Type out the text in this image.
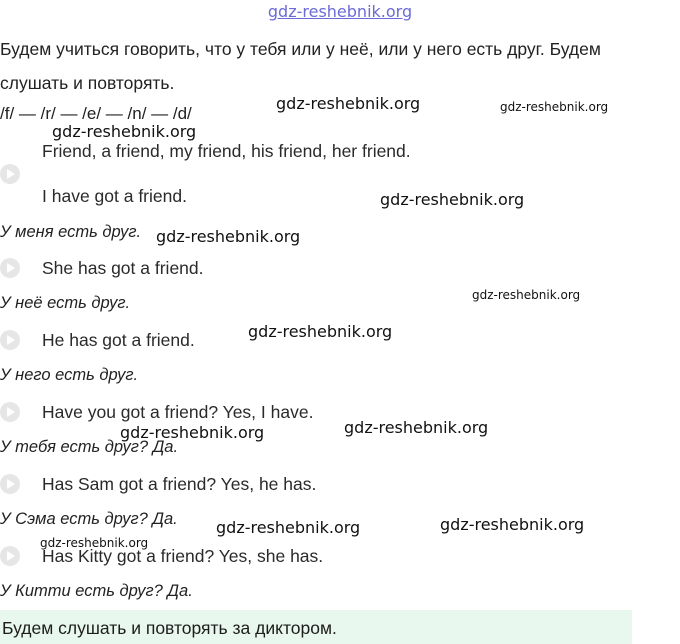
gdz-reshebnik.org
Будем учиться говорить, что у тебя или у неё, или у него есть друг. Будем слушать и повторять.
/f/ — /r/ — /e/ — /n/ — /d/
Friend, a friend, my friend, his friend, her friend.
I have got a friend.
У меня есть друг.
She has got a friend.
У неё есть друг.
He has got a friend.
У него есть друг.
Have you got a friend? Yes, I have.
У тебя есть друг? Да.
Has Sam got a friend? Yes, he has.
У Сэма есть друг? Да.
Has Kitty got a friend? Yes, she has.
У Китти есть друг? Да.
Будем слушать и повторять за диктором.
gdz-reshebnik.org	gdz-reshebnik.org
gdz-reshebnik.org
gdz-reshebnik.org
gdz-reshebnik.org
gdz-reshebnik.org
gdz-reshebnik.org
gdz-reshebnik.org	gdz-reshebnik.org
gdz-reshebnik.org	gdz-reshebnik.org
gdz-reshebnik.org
